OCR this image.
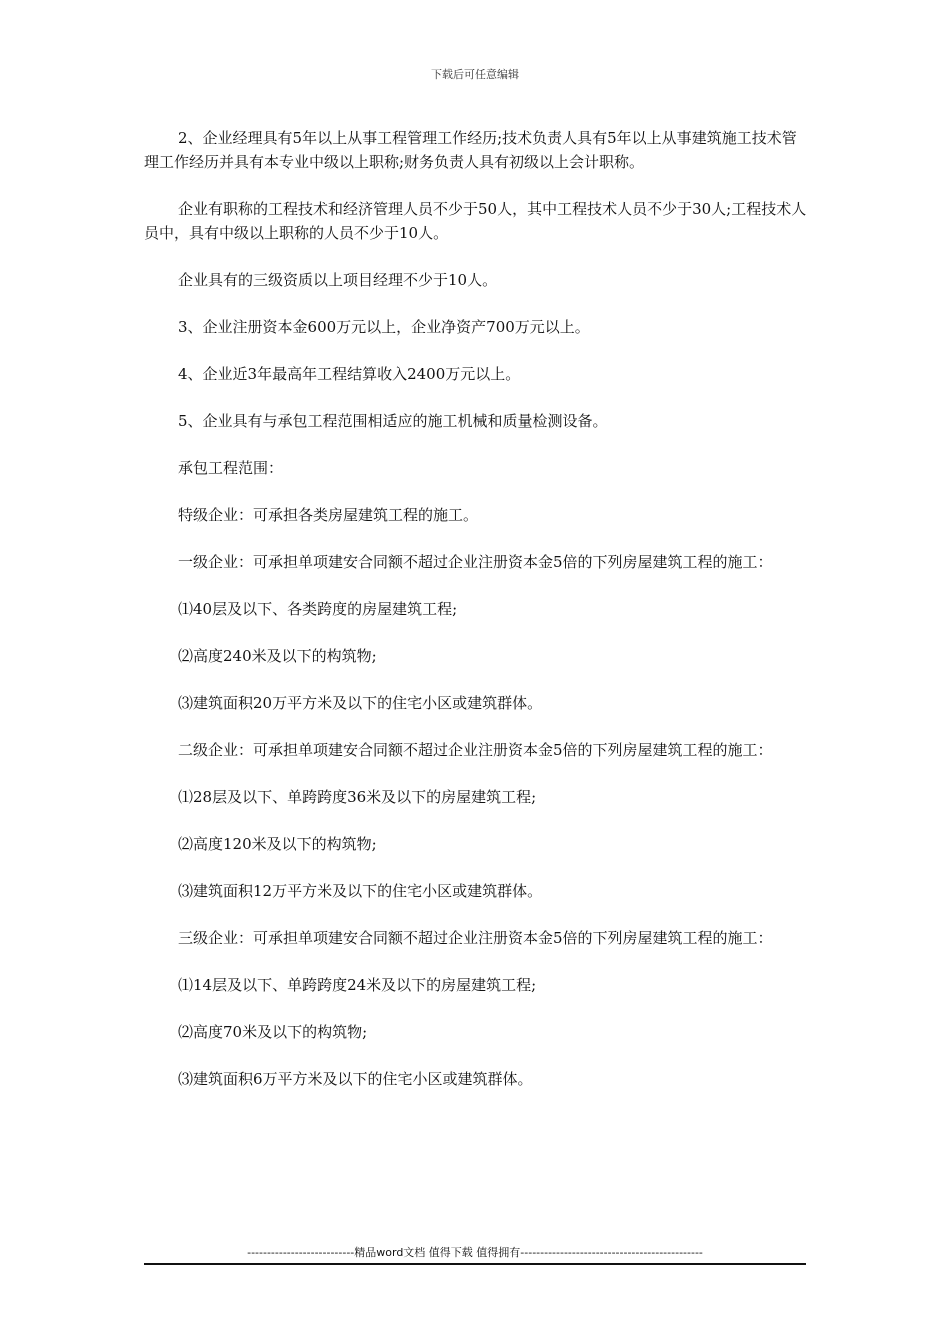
下载后可任意编辑

2、企业经理具有5年以上从事工程管理工作经历;技术负责人具有5年以上从事建筑施工技术管理工作经历并具有本专业中级以上职称;财务负责人具有初级以上会计职称。

企业有职称的工程技术和经济管理人员不少于50人，其中工程技术人员不少于30人;工程技术人员中，具有中级以上职称的人员不少于10人。

企业具有的三级资质以上项目经理不少于10人。

3、企业注册资本金600万元以上，企业净资产700万元以上。

4、企业近3年最高年工程结算收入2400万元以上。

5、企业具有与承包工程范围相适应的施工机械和质量检测设备。

承包工程范围：

特级企业：可承担各类房屋建筑工程的施工。

一级企业：可承担单项建安合同额不超过企业注册资本金5倍的下列房屋建筑工程的施工：

⑴40层及以下、各类跨度的房屋建筑工程;

⑵高度240米及以下的构筑物;

⑶建筑面积20万平方米及以下的住宅小区或建筑群体。

二级企业：可承担单项建安合同额不超过企业注册资本金5倍的下列房屋建筑工程的施工：

⑴28层及以下、单跨跨度36米及以下的房屋建筑工程;

⑵高度120米及以下的构筑物;

⑶建筑面积12万平方米及以下的住宅小区或建筑群体。

三级企业：可承担单项建安合同额不超过企业注册资本金5倍的下列房屋建筑工程的施工：

⑴14层及以下、单跨跨度24米及以下的房屋建筑工程;

⑵高度70米及以下的构筑物;

⑶建筑面积6万平方米及以下的住宅小区或建筑群体。

---------------------------精品word文档 值得下载 值得拥有----------------------------------------------
